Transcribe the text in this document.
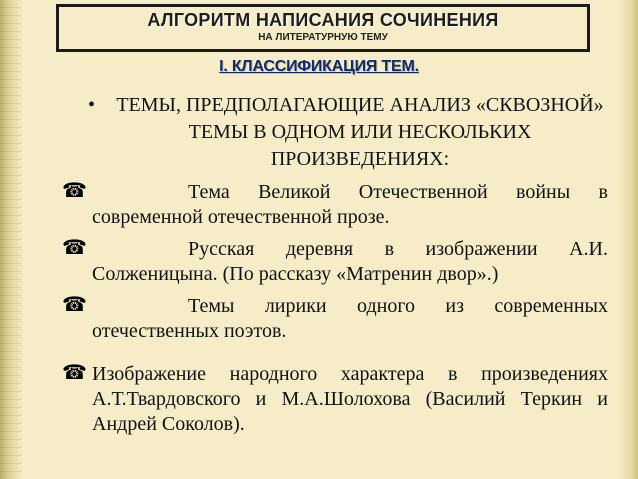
АЛГОРИТМ НАПИСАНИЯ СОЧИНЕНИЯ
НА ЛИТЕРАТУРНУЮ ТЕМУ
I. КЛАССИФИКАЦИЯ ТЕМ.
• ТЕМЫ, ПРЕДПОЛАГАЮЩИЕ АНАЛИЗ «СКВОЗНОЙ» ТЕМЫ В ОДНОМ ИЛИ НЕСКОЛЬКИХ ПРОИЗВЕДЕНИЯХ:
☎	Тема Великой Отечественной войны в современной отечественной прозе.
☎	Русская деревня в изображении А.И. Солженицына. (По рассказу «Матренин двор».)
☎	Темы лирики одного из современных отечественных поэтов.
☎ Изображение народного характера в произведениях А.Т.Твардовского и М.А.Шолохова (Василий Теркин и Андрей Соколов).
